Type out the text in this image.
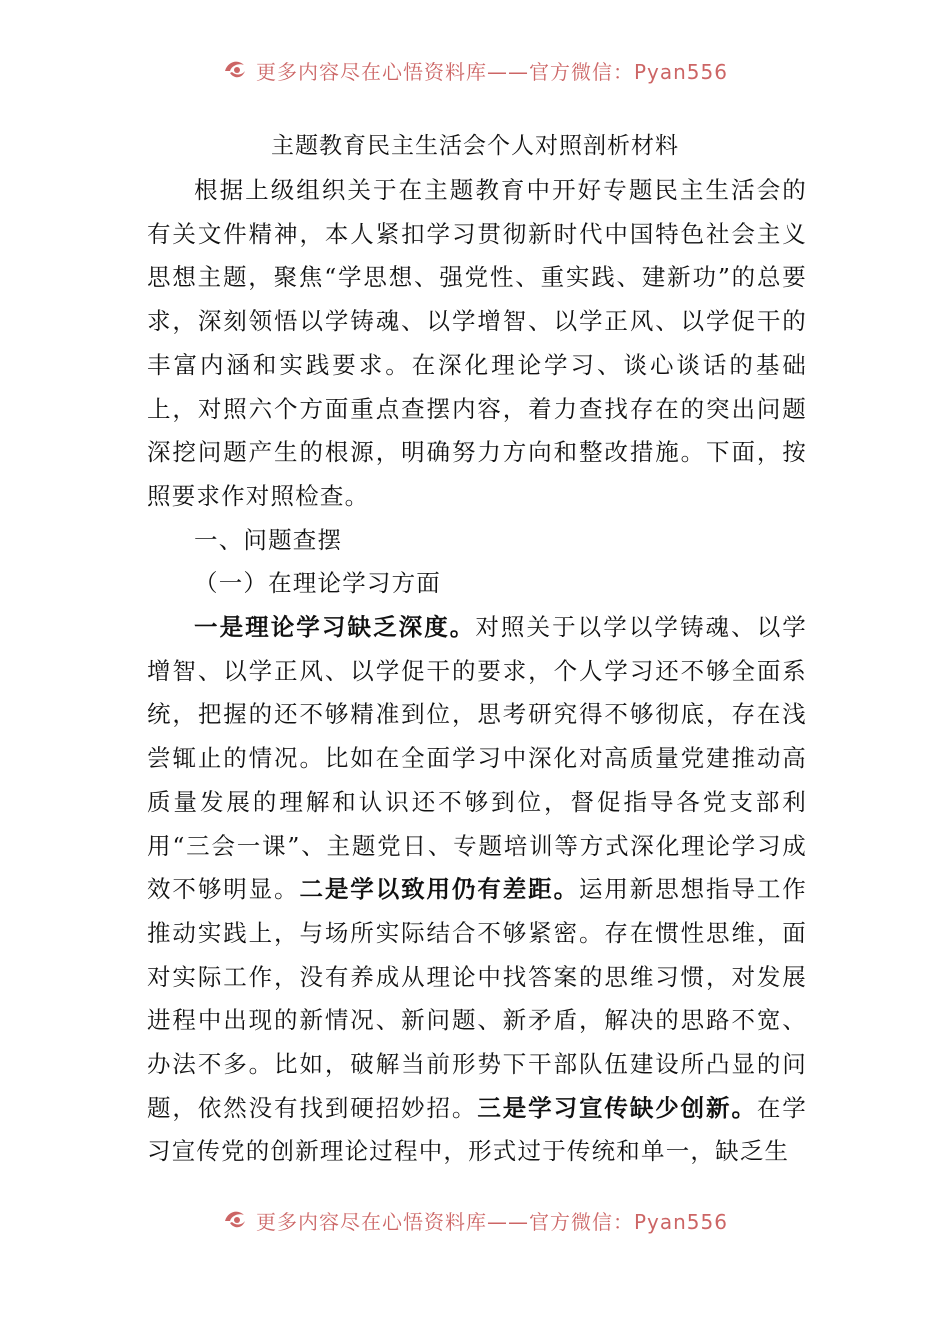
更多内容尽在心悟资料库——官方微信：Pyan556
主题教育民主生活会个人对照剖析材料

根据上级组织关于在主题教育中开好专题民主生活会的有关文件精神，本人紧扣学习贯彻新时代中国特色社会主义思想主题，聚焦“学思想、强党性、重实践、建新功”的总要求，深刻领悟以学铸魂、以学增智、以学正风、以学促干的丰富内涵和实践要求。在深化理论学习、谈心谈话的基础上，对照六个方面重点查摆内容，着力查找存在的突出问题深挖问题产生的根源，明确努力方向和整改措施。下面，按照要求作对照检查。

一、问题查摆

（一）在理论学习方面

一是理论学习缺乏深度。对照关于以学以学铸魂、以学增智、以学正风、以学促干的要求，个人学习还不够全面系统，把握的还不够精准到位，思考研究得不够彻底，存在浅尝辄止的情况。比如在全面学习中深化对高质量党建推动高质量发展的理解和认识还不够到位，督促指导各党支部利用“三会一课”、主题党日、专题培训等方式深化理论学习成效不够明显。二是学以致用仍有差距。运用新思想指导工作推动实践上，与场所实际结合不够紧密。存在惯性思维，面对实际工作，没有养成从理论中找答案的思维习惯，对发展进程中出现的新情况、新问题、新矛盾，解决的思路不宽、办法不多。比如，破解当前形势下干部队伍建设所凸显的问题，依然没有找到硬招妙招。三是学习宣传缺少创新。在学习宣传党的创新理论过程中，形式过于传统和单一，缺乏生

更多内容尽在心悟资料库——官方微信：Pyan556
